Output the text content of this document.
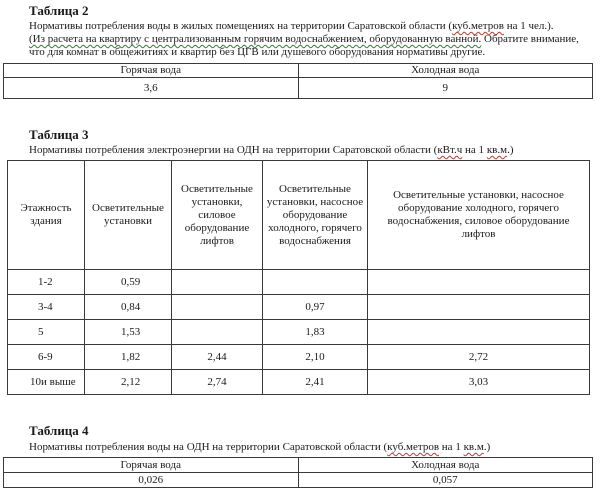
Таблица 2
Нормативы потребления воды в жилых помещениях на территории Саратовской области (куб.метров на 1 чел.).
(Из расчета на квартиру с централизованным горячим водоснабжением, оборудованную ванной. Обратите внимание,
что для комнат в общежитиях и квартир без ЦГВ или душевого оборудования нормативы другие.
Горячая вода	Холодная вода
3,6	9
Таблица 3
Нормативы потребления электроэнергии на ОДН на территории Саратовской области (кВт.ч на 1 кв.м.)
Этажность здания	Осветительные установки	Осветительные установки, силовое оборудование лифтов	Осветительные установки, насосное оборудование холодного, горячего водоснабжения	Осветительные установки, насосное оборудование холодного, горячего водоснабжения, силовое оборудование лифтов
1-2	0,59			
3-4	0,84		0,97	
5	1,53		1,83	
6-9	1,82	2,44	2,10	2,72
10и выше	2,12	2,74	2,41	3,03
Таблица 4
Нормативы потребления воды на ОДН на территории Саратовской области (куб.метров на 1 кв.м.)
Горячая вода	Холодная вода
0,026	0,057
